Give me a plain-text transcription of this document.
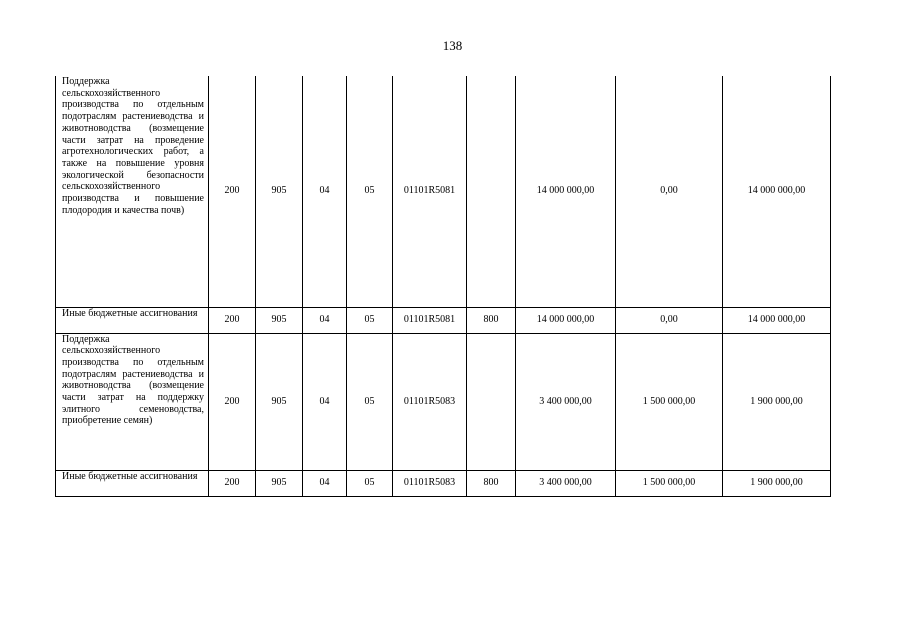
138
Поддержка сельскохозяйственного производства по отдельным подотраслям растениеводства и животноводства (возмещение части затрат на проведение агротехнологических работ, а также на повышение уровня экологической безопасности сельскохозяйственного производства и повышение плодородия и качества почв)	200	905	04	05	01101R5081		14 000 000,00	0,00	14 000 000,00
Иные бюджетные ассигнования	200	905	04	05	01101R5081	800	14 000 000,00	0,00	14 000 000,00
Поддержка сельскохозяйственного производства по отдельным подотраслям растениеводства и животноводства (возмещение части затрат на поддержку элитного семеноводства, приобретение семян)	200	905	04	05	01101R5083		3 400 000,00	1 500 000,00	1 900 000,00
Иные бюджетные ассигнования	200	905	04	05	01101R5083	800	3 400 000,00	1 500 000,00	1 900 000,00
